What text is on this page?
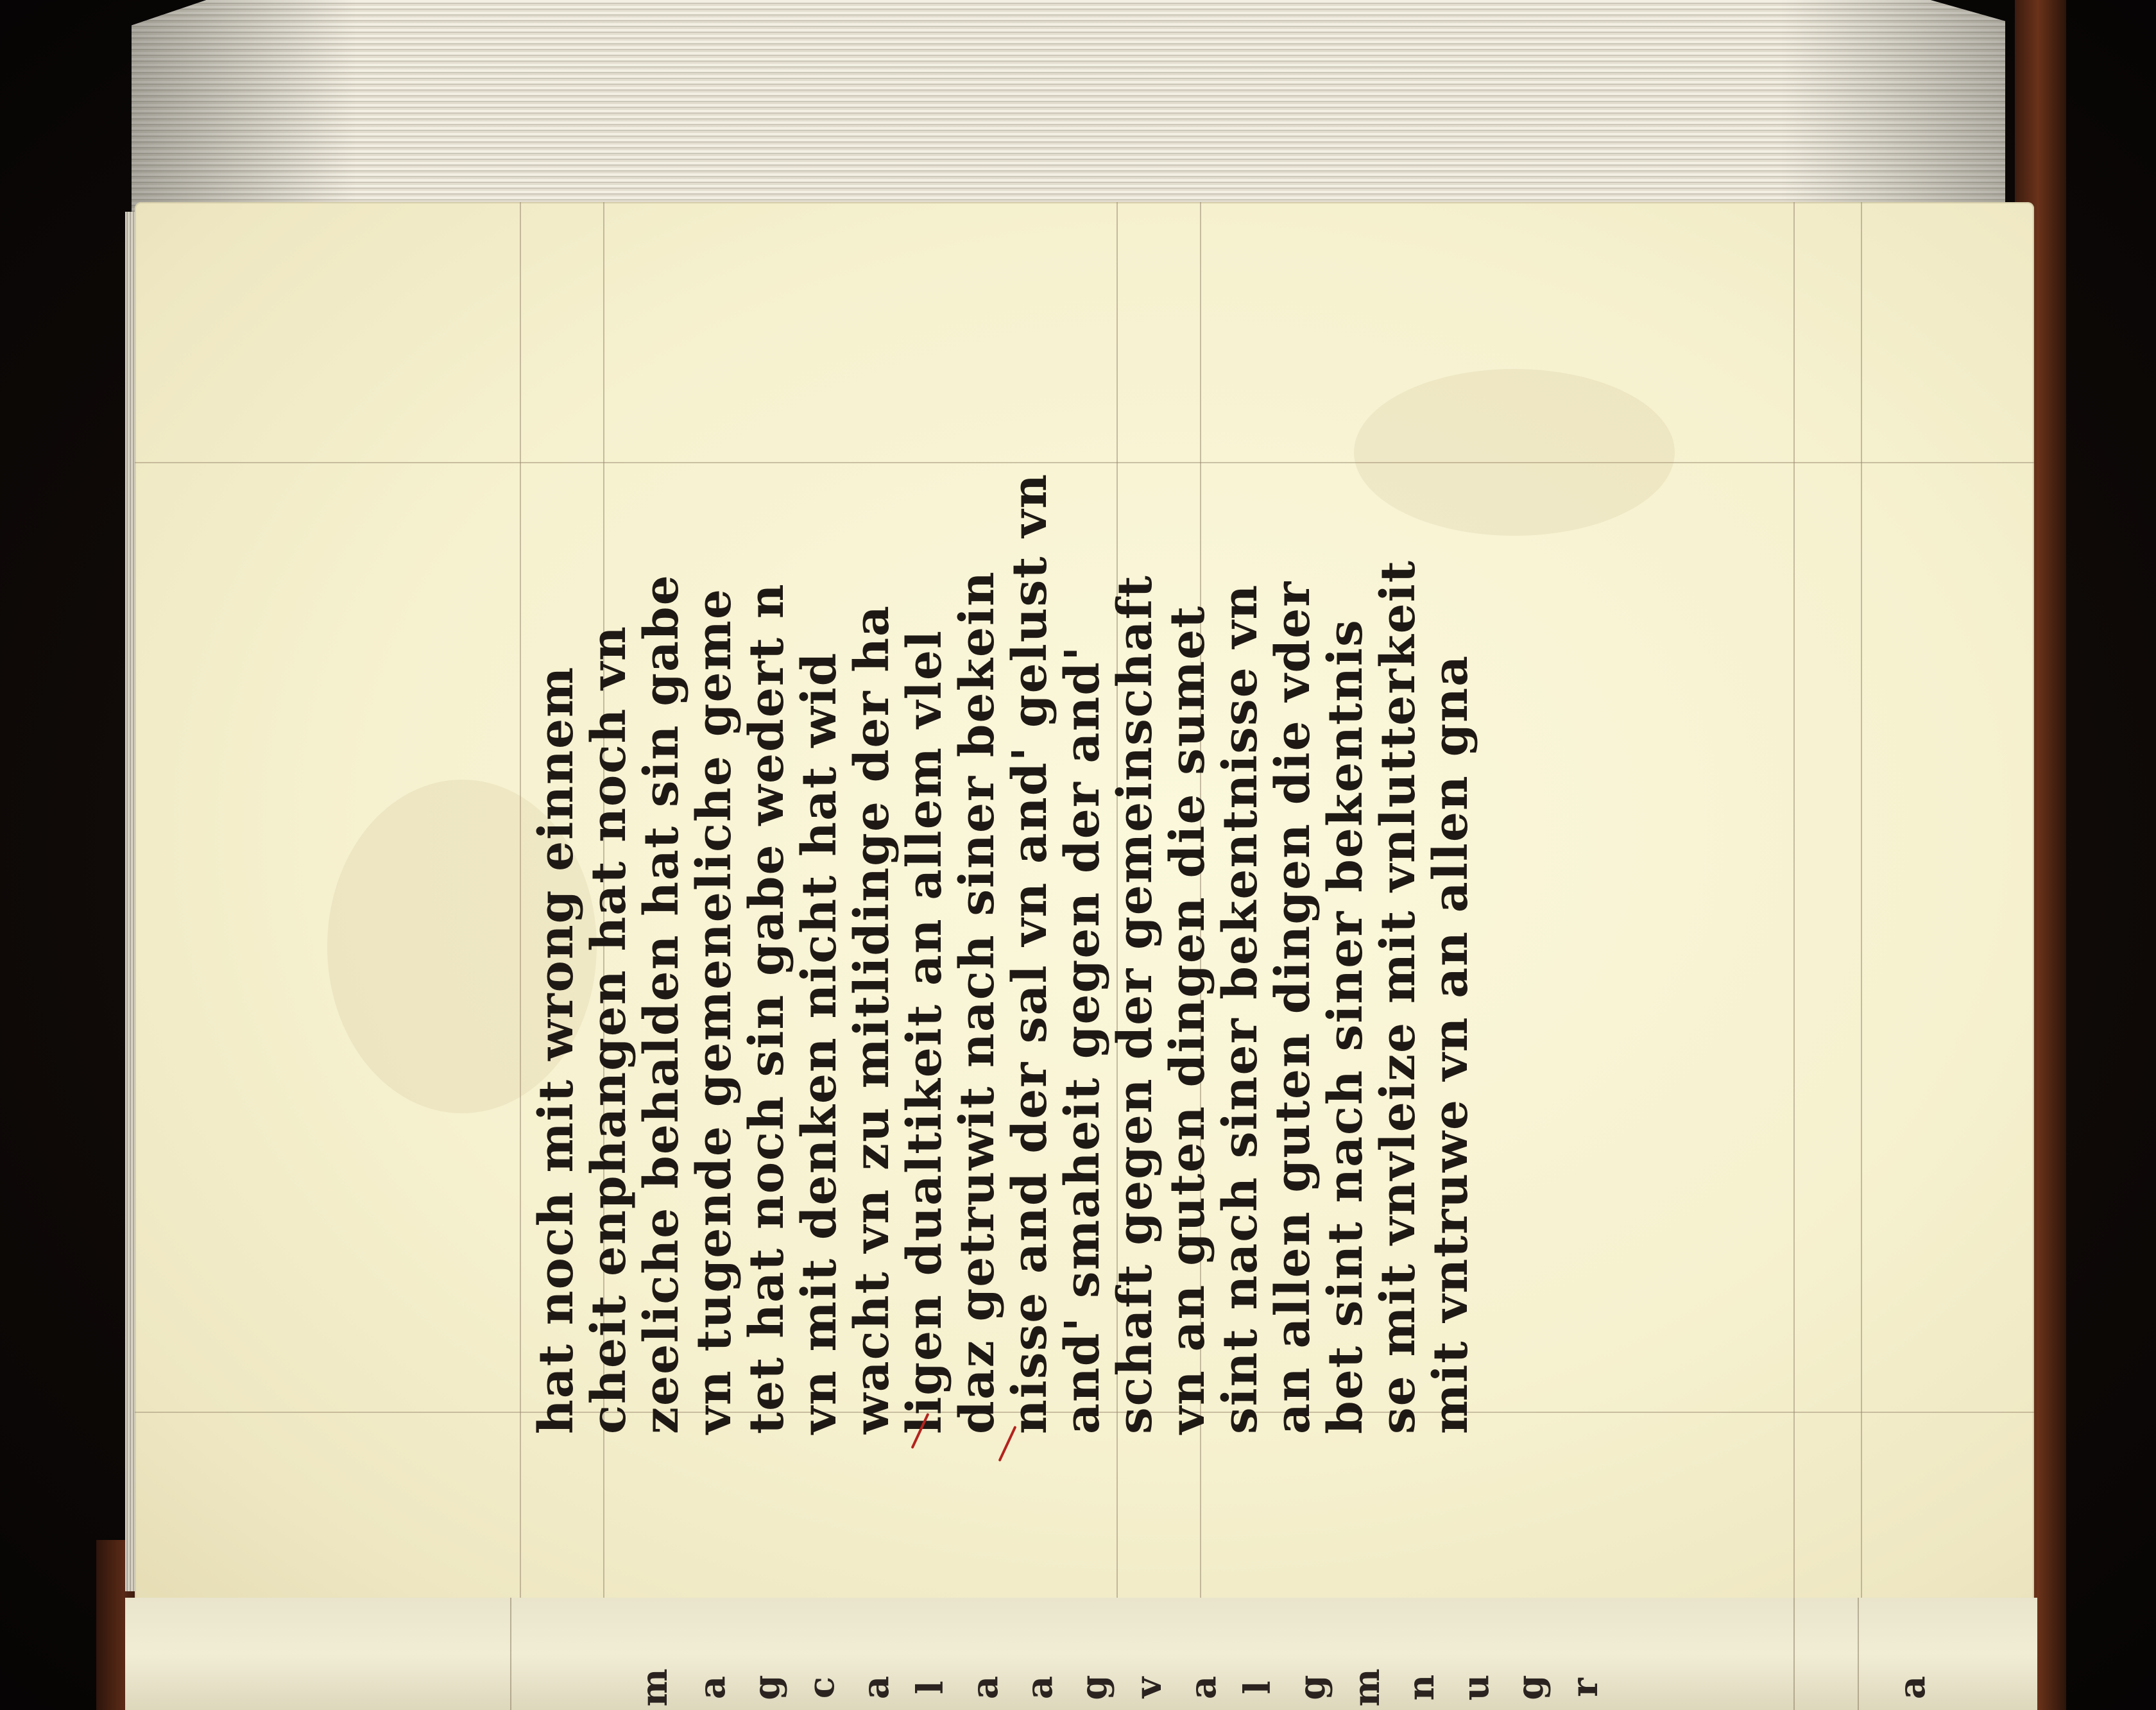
hat noch mit wrong einnem
cheit enphangen hat noch vn
zeeliche behalden hat sin gabe
vn tugende gemeneliche geme
tet hat noch sin gabe wedert n
vn mit denken nicht hat wid
wacht vn zu mitlidinge der ha
ligen dualtikeit an allem vlel
daz getruwit nach siner bekein
nisse and der sal vn and' gelust vn
and' smaheit gegen der and'
schaft gegen der gemeinschaft
vn an guten dingen die sumet
sint nach siner bekentnisse vn
an allen guten dingen die vder
bet sint nach siner bekentnis
se mit vnvleize mit vnlutterkeit
mit vntruwe vn an allen gna
m a g c a l a a g v a l g m n u g r	a
